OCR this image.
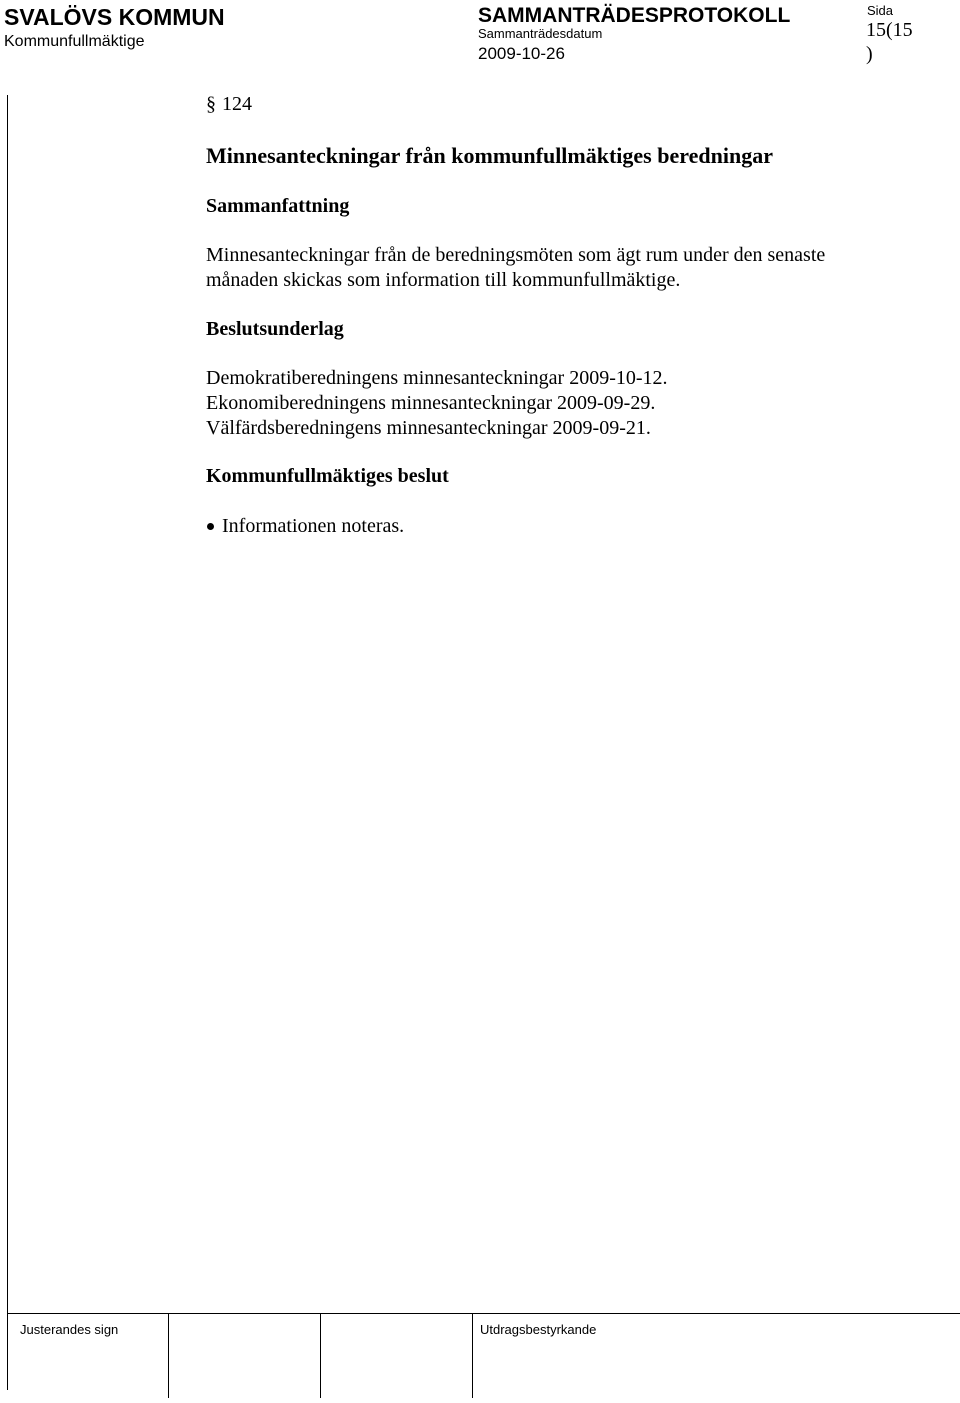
SVALÖVS KOMMUN
Kommunfullmäktige
SAMMANTRÄDESPROTOKOLL
Sammanträdesdatum
2009-10-26
Sida
15(15
)
§ 124
Minnesanteckningar från kommunfullmäktiges beredningar
Sammanfattning
Minnesanteckningar från de beredningsmöten som ägt rum under den senaste
månaden skickas som information till kommunfullmäktige.
Beslutsunderlag
Demokratiberedningens minnesanteckningar 2009-10-12.
Ekonomiberedningens minnesanteckningar 2009-09-29.
Välfärdsberedningens minnesanteckningar 2009-09-21.
Kommunfullmäktiges beslut
Informationen noteras.
Justerandes sign	Utdragsbestyrkande
